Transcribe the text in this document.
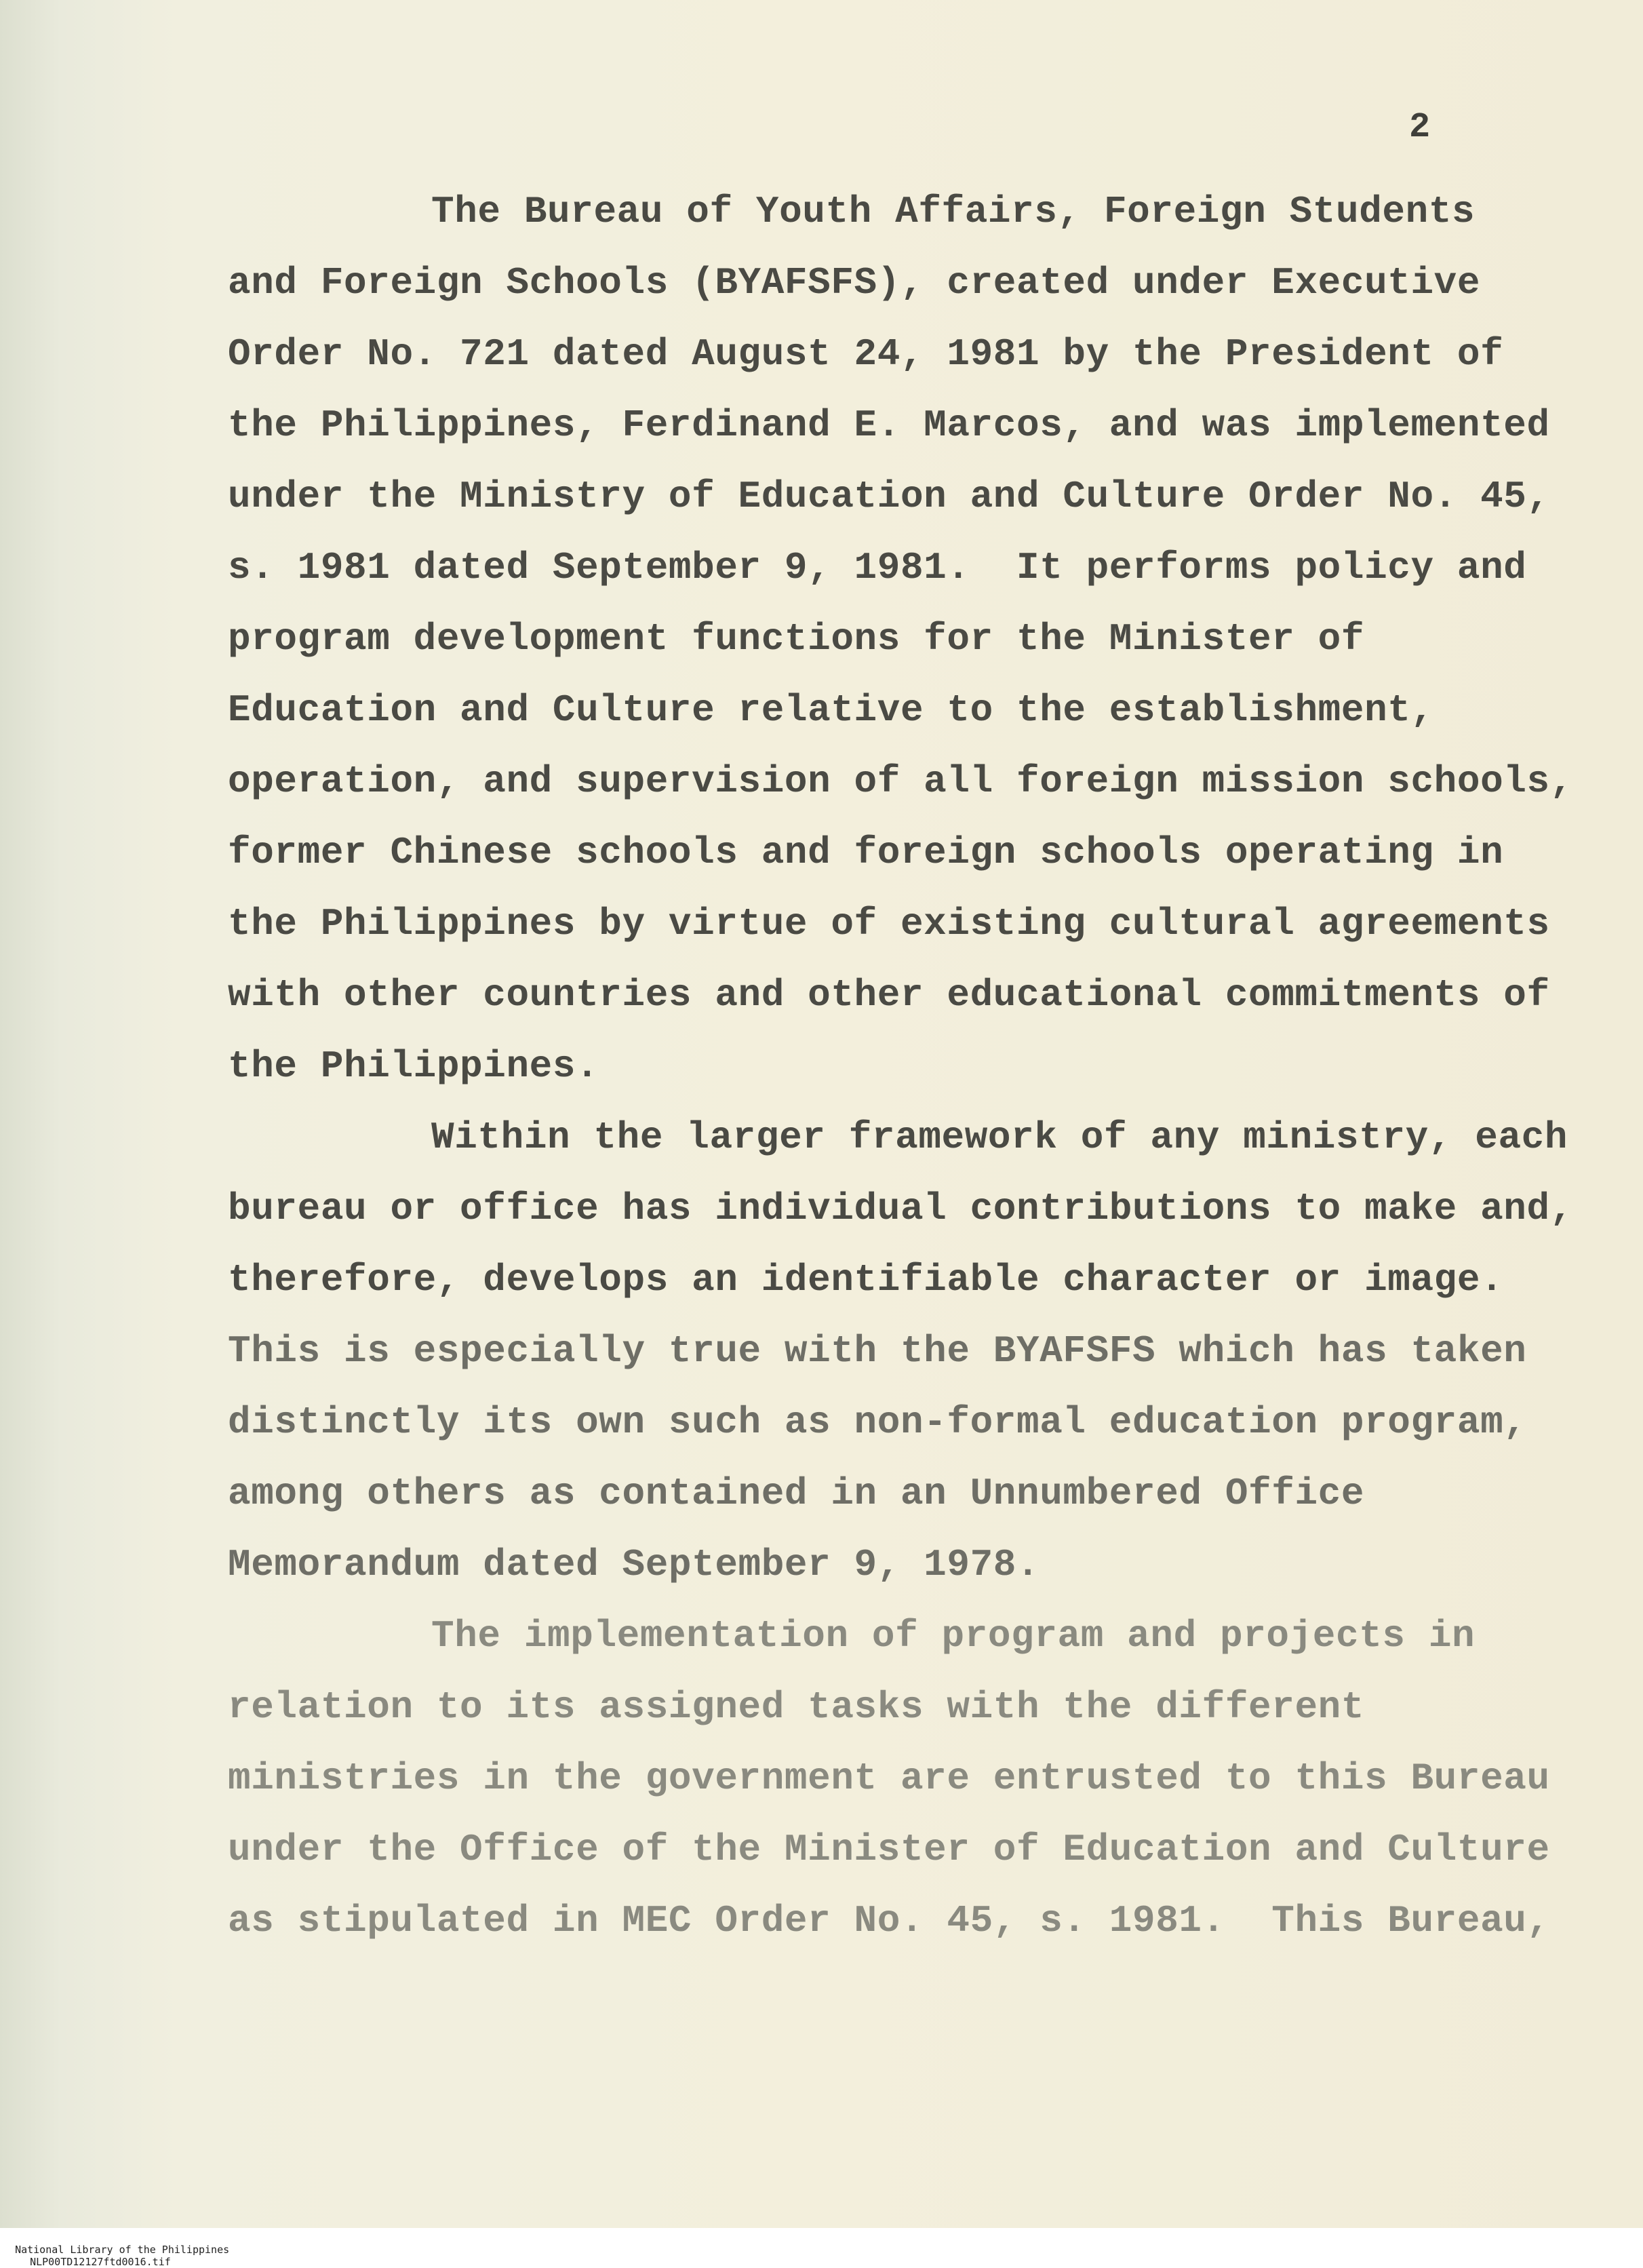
2

The Bureau of Youth Affairs, Foreign Students
and Foreign Schools (BYAFSFS), created under Executive
Order No. 721 dated August 24, 1981 by the President of
the Philippines, Ferdinand E. Marcos, and was implemented
under the Ministry of Education and Culture Order No. 45,
s. 1981 dated September 9, 1981.  It performs policy and
program development functions for the Minister of
Education and Culture relative to the establishment,
operation, and supervision of all foreign mission schools,
former Chinese schools and foreign schools operating in
the Philippines by virtue of existing cultural agreements
with other countries and other educational commitments of
the Philippines.
Within the larger framework of any ministry, each
bureau or office has individual contributions to make and,
therefore, develops an identifiable character or image.
This is especially true with the BYAFSFS which has taken
distinctly its own such as non-formal education program,
among others as contained in an Unnumbered Office
Memorandum dated September 9, 1978.
The implementation of program and projects in
relation to its assigned tasks with the different
ministries in the government are entrusted to this Bureau
under the Office of the Minister of Education and Culture
as stipulated in MEC Order No. 45, s. 1981.  This Bureau,

National Library of the Philippines
NLP00TD12127ftd0016.tif
